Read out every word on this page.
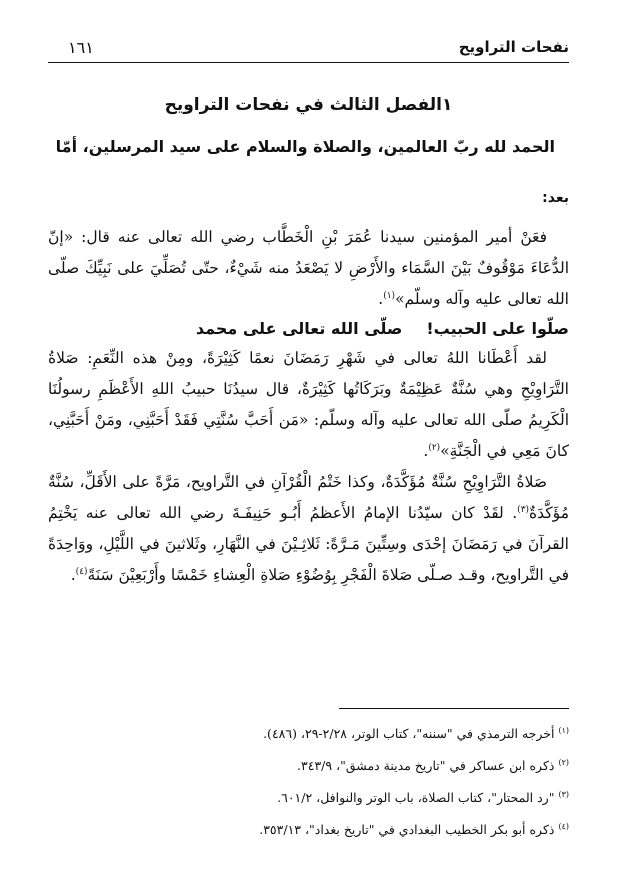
نفحات التراويح
١٦١
١الفصل الثالث في نفحات التراويح
الحمد لله ربّ العالمين، والصلاة والسلام على سيد المرسلين، أمّا
بعد:

فعَنْ أمير المؤمنين سيدنا عُمَرَ بْنِ الْخَطَّاب رضي الله تعالى عنه قال: «إنّ الدُّعَاءَ مَوْقُوفٌ بَيْنَ السَّمَاء والأَرْضِ لا يَصْعَدُ منه شَيْءٌ، حتّى تُصَلِّيَ على نَبِيِّكَ صلّى الله تعالى عليه وآله وسلّم»$^{(١)}$.

صلّوا على الحبيب!صلّى الله تعالى على محمد

لقد أَعْطَانا اللهُ تعالى في شَهْرِ رَمَضَانَ نعمًا كَثِيْرَةً، ومِنْ هذه النِّعَمِ: صَلاةُ التَّرَاوِيْحِ وهي سُنَّةٌ عَظِيْمَةٌ وبَرَكَاتُها كَثِيْرَةٌ، قال سيدُنَا حبيبُ اللهِ الأَعْظَمِ رسولُنَا الْكَرِيمُ صلّى الله تعالى عليه وآله وسلّم: «مَن أَحَبَّ سُنَّتِي فَقَدْ أَحَبَّنِي، ومَنْ أَحَبَّنِي، كانَ مَعِي في الْجَنَّةِ»$^{(٢)}$.

صَلاةُ التَّرَاوِيْحِ سُنَّةٌ مُؤَكَّدَةٌ، وكذا خَتْمُ الْقُرْآنِ في التَّراويح، مَرَّةً على الأَقَلِّ، سُنَّةٌ مُؤَكَّدَةٌ$^{(٣)}$. لقَدْ كان سيّدُنا الإمامُ الأَعظمُ أَبُـو حَنِيفَـةَ رضي الله تعالى عنه يَخْتِمُ القرآنَ في رَمَضَانَ إحْدَى وسِتِّينَ مَـرَّةً: ثَلاثِـيْنَ في النَّهَارِ، وثَلاثينَ في اللَّيْلِ، ووَاحِدَةً في التَّراويح، وقـد صـلّى صَلاةَ الْفَجْرِ بِوُضُوْءِ صَلاةِ الْعِشاءِ خَمْسًا وأَرْبَعِيْنَ سَنَةً$^{(٤)}$.

$^{(١)}$ أخرجه الترمذي في "سننه"، كتاب الوتر، ٢/٢٨-٢٩، (٤٨٦).

$^{(٢)}$ ذكره ابن عساكر في "تاريخ مدينة دمشق"، ٣٤٣/٩.

$^{(٣)}$ "رد المحتار"، كتاب الصلاة، باب الوتر والنوافل، ٦٠١/٢.

$^{(٤)}$ ذكره أبو بكر الخطيب البغدادي في "تاريخ بغداد"، ٣٥٣/١٣.
